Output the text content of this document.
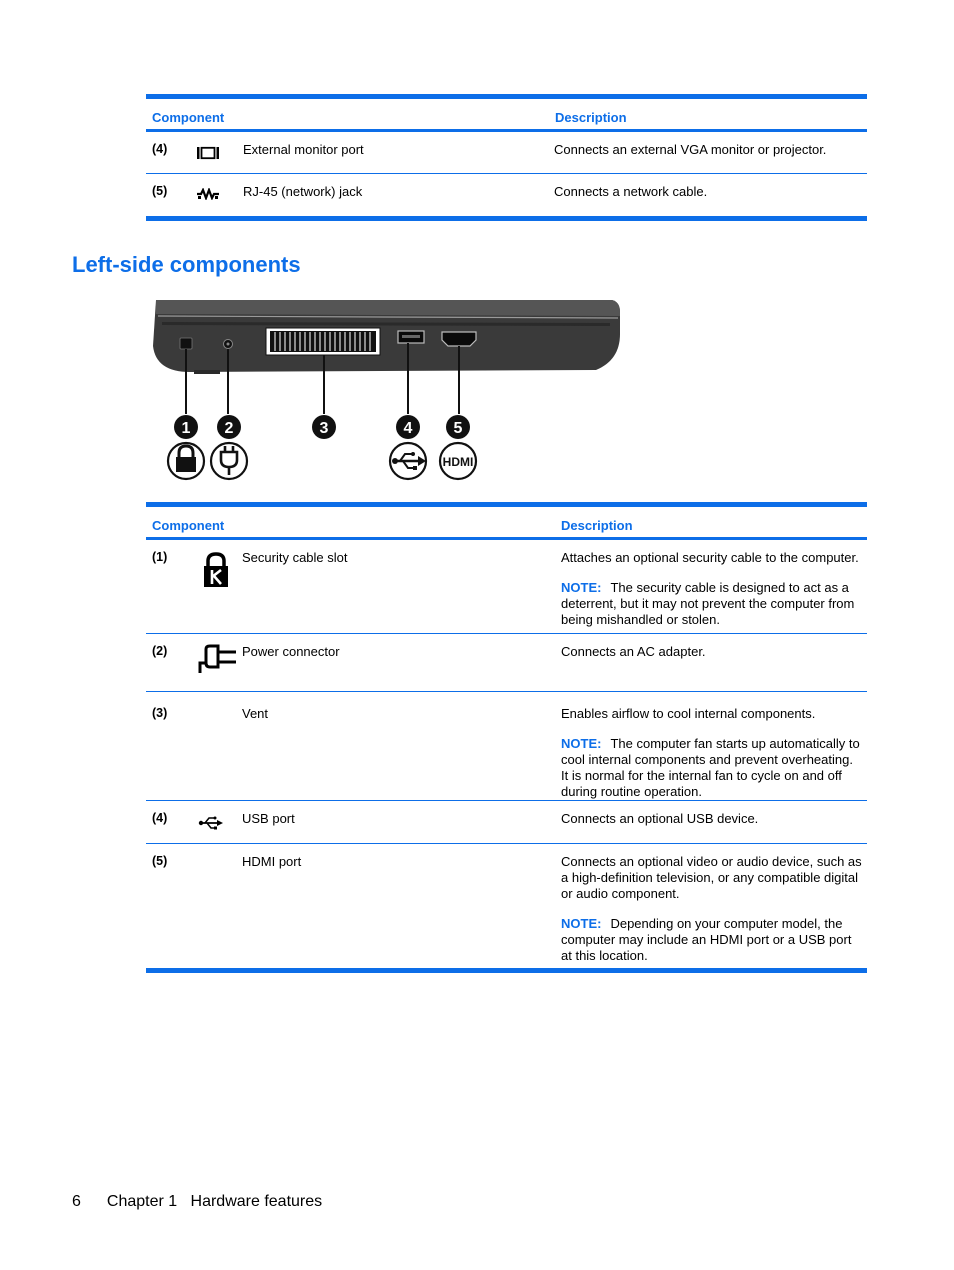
Component	Description
(4)	External monitor port	Connects an external VGA monitor or projector.
(5)	RJ-45 (network) jack	Connects a network cable.
Left-side components
1 2	3	4	5
HDMI
Component	Description
(1)	Security cable slot	Attaches an optional security cable to the computer.

NOTE: The security cable is designed to act as a deterrent, but it may not prevent the computer from being mishandled or stolen.

(2)	Power connector	Connects an AC adapter.

(3)	Vent	Enables airflow to cool internal components.

NOTE: The computer fan starts up automatically to cool internal components and prevent overheating. It is normal for the internal fan to cycle on and off during routine operation.

(4)	USB port	Connects an optional USB device.

(5)	HDMI port	Connects an optional video or audio device, such as a high-definition television, or any compatible digital or audio component.

NOTE: Depending on your computer model, the computer may include an HDMI port or a USB port at this location.

6 Chapter 1 Hardware features
